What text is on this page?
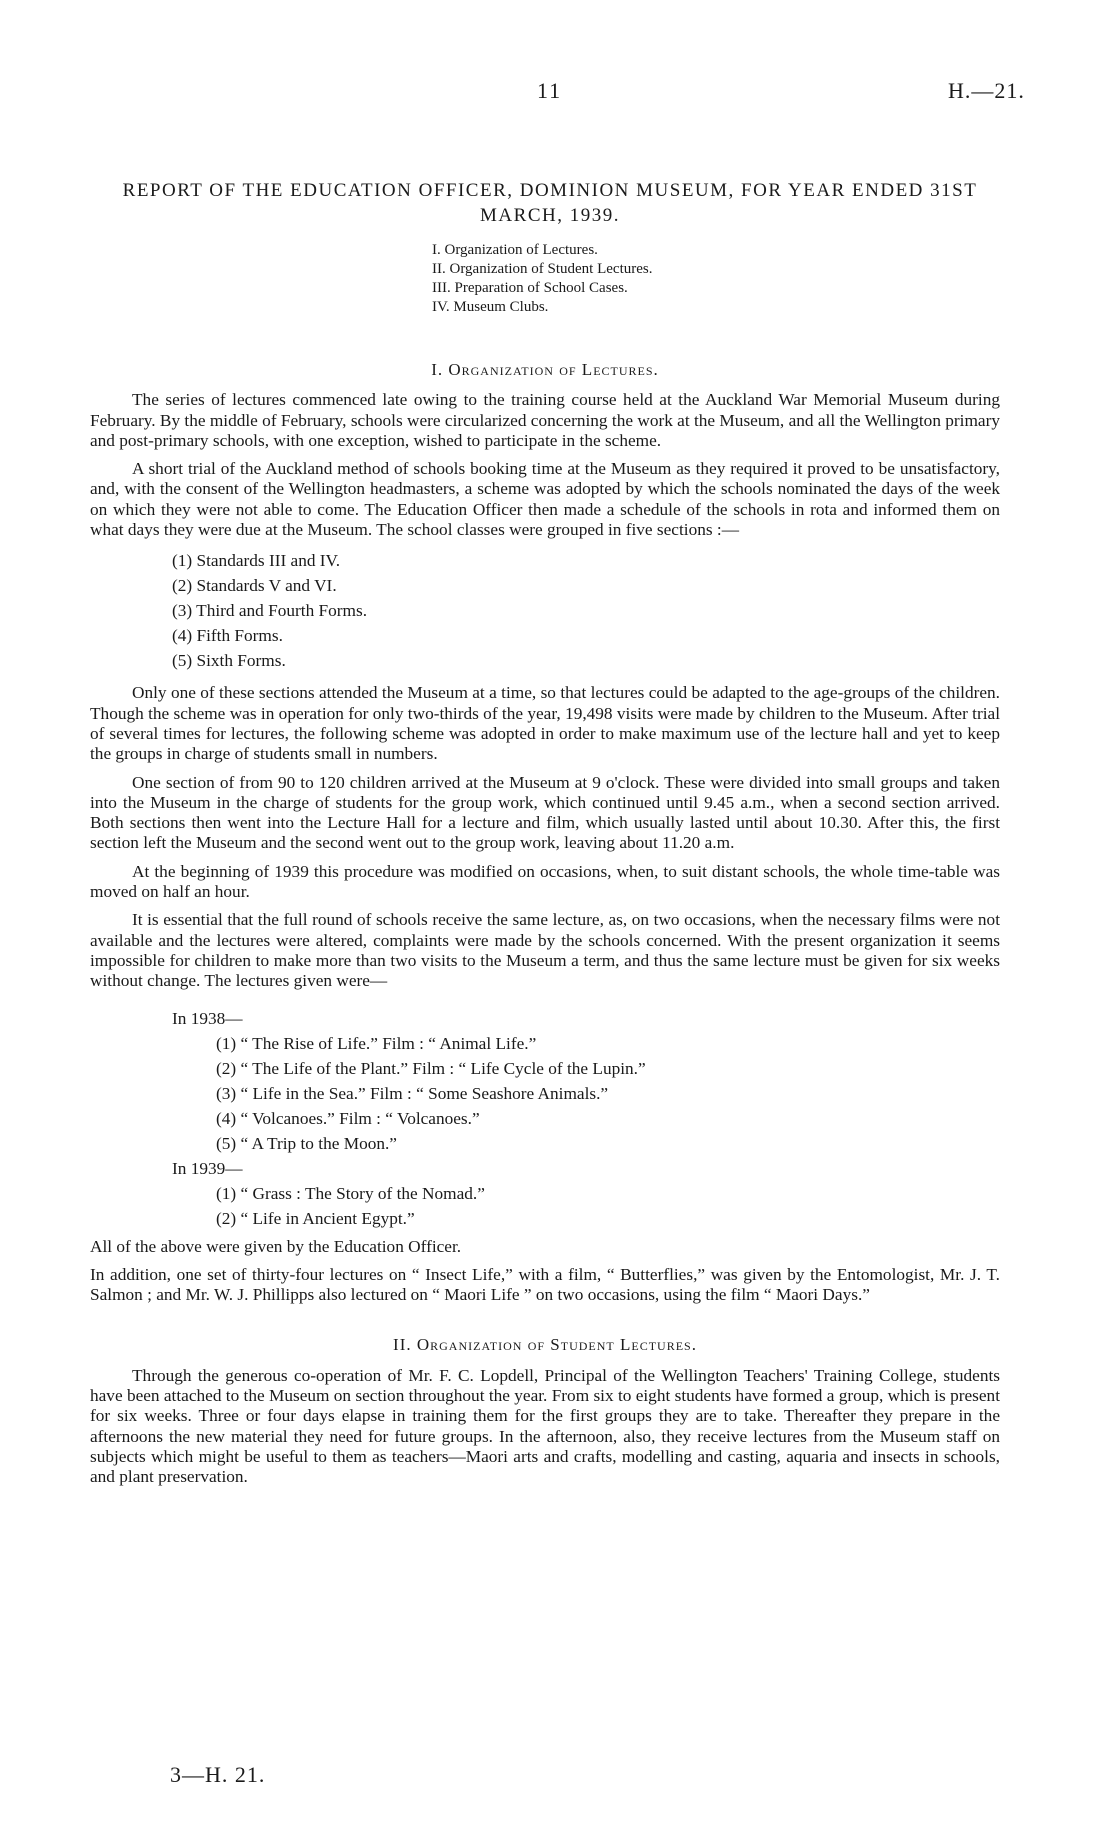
11	H.—21.
REPORT OF THE EDUCATION OFFICER, DOMINION MUSEUM, FOR YEAR ENDED 31ST MARCH, 1939.
I. Organization of Lectures.
II. Organization of Student Lectures.
III. Preparation of School Cases.
IV. Museum Clubs.
I. Organization of Lectures.

The series of lectures commenced late owing to the training course held at the Auckland War Memorial Museum during February. By the middle of February, schools were circularized concerning the work at the Museum, and all the Wellington primary and post-primary schools, with one exception, wished to participate in the scheme.

A short trial of the Auckland method of schools booking time at the Museum as they required it proved to be unsatisfactory, and, with the consent of the Wellington headmasters, a scheme was adopted by which the schools nominated the days of the week on which they were not able to come. The Education Officer then made a schedule of the schools in rota and informed them on what days they were due at the Museum. The school classes were grouped in five sections :—

(1) Standards III and IV.
(2) Standards V and VI.
(3) Third and Fourth Forms.
(4) Fifth Forms.
(5) Sixth Forms.

Only one of these sections attended the Museum at a time, so that lectures could be adapted to the age-groups of the children. Though the scheme was in operation for only two-thirds of the year, 19,498 visits were made by children to the Museum. After trial of several times for lectures, the following scheme was adopted in order to make maximum use of the lecture hall and yet to keep the groups in charge of students small in numbers.

One section of from 90 to 120 children arrived at the Museum at 9 o'clock. These were divided into small groups and taken into the Museum in the charge of students for the group work, which continued until 9.45 a.m., when a second section arrived. Both sections then went into the Lecture Hall for a lecture and film, which usually lasted until about 10.30. After this, the first section left the Museum and the second went out to the group work, leaving about 11.20 a.m.

At the beginning of 1939 this procedure was modified on occasions, when, to suit distant schools, the whole time-table was moved on half an hour.

It is essential that the full round of schools receive the same lecture, as, on two occasions, when the necessary films were not available and the lectures were altered, complaints were made by the schools concerned. With the present organization it seems impossible for children to make more than two visits to the Museum a term, and thus the same lecture must be given for six weeks without change. The lectures given were—

In 1938—
(1) “ The Rise of Life.” Film : “ Animal Life.”
(2) “ The Life of the Plant.” Film : “ Life Cycle of the Lupin.”
(3) “ Life in the Sea.” Film : “ Some Seashore Animals.”
(4) “ Volcanoes.” Film : “ Volcanoes.”
(5) “ A Trip to the Moon.”
In 1939—
(1) “ Grass : The Story of the Nomad.”
(2) “ Life in Ancient Egypt.”

All of the above were given by the Education Officer.

In addition, one set of thirty-four lectures on “ Insect Life,” with a film, “ Butterflies,” was given by the Entomologist, Mr. J. T. Salmon ; and Mr. W. J. Phillipps also lectured on “ Maori Life ” on two occasions, using the film “ Maori Days.”

II. Organization of Student Lectures.

Through the generous co-operation of Mr. F. C. Lopdell, Principal of the Wellington Teachers' Training College, students have been attached to the Museum on section throughout the year. From six to eight students have formed a group, which is present for six weeks. Three or four days elapse in training them for the first groups they are to take. Thereafter they prepare in the afternoons the new material they need for future groups. In the afternoon, also, they receive lectures from the Museum staff on subjects which might be useful to them as teachers—Maori arts and crafts, modelling and casting, aquaria and insects in schools, and plant preservation.

3—H. 21.
